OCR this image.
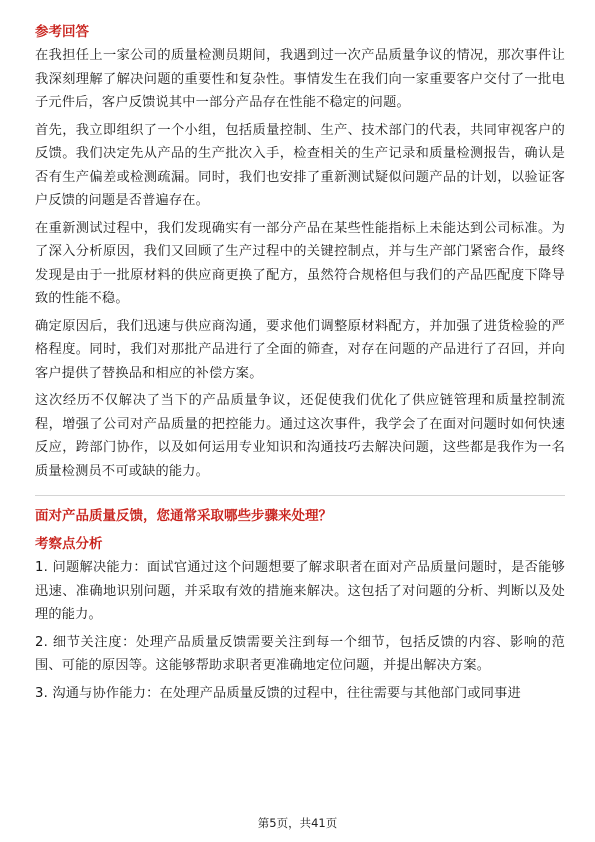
参考回答

在我担任上一家公司的质量检测员期间，我遇到过一次产品质量争议的情况，那次事件让我深刻理解了解决问题的重要性和复杂性。事情发生在我们向一家重要客户交付了一批电子元件后，客户反馈说其中一部分产品存在性能不稳定的问题。

首先，我立即组织了一个小组，包括质量控制、生产、技术部门的代表，共同审视客户的反馈。我们决定先从产品的生产批次入手，检查相关的生产记录和质量检测报告，确认是否有生产偏差或检测疏漏。同时，我们也安排了重新测试疑似问题产品的计划，以验证客户反馈的问题是否普遍存在。

在重新测试过程中，我们发现确实有一部分产品在某些性能指标上未能达到公司标准。为了深入分析原因，我们又回顾了生产过程中的关键控制点，并与生产部门紧密合作，最终发现是由于一批原材料的供应商更换了配方，虽然符合规格但与我们的产品匹配度下降导致的性能不稳。

确定原因后，我们迅速与供应商沟通，要求他们调整原材料配方，并加强了进货检验的严格程度。同时，我们对那批产品进行了全面的筛查，对存在问题的产品进行了召回，并向客户提供了替换品和相应的补偿方案。

这次经历不仅解决了当下的产品质量争议，还促使我们优化了供应链管理和质量控制流程，增强了公司对产品质量的把控能力。通过这次事件，我学会了在面对问题时如何快速反应，跨部门协作，以及如何运用专业知识和沟通技巧去解决问题，这些都是我作为一名质量检测员不可或缺的能力。

面对产品质量反馈，您通常采取哪些步骤来处理？
考察点分析

1. 问题解决能力：面试官通过这个问题想要了解求职者在面对产品质量问题时，是否能够迅速、准确地识别问题，并采取有效的措施来解决。这包括了对问题的分析、判断以及处理的能力。

2. 细节关注度：处理产品质量反馈需要关注到每一个细节，包括反馈的内容、影响的范围、可能的原因等。这能够帮助求职者更准确地定位问题，并提出解决方案。

3. 沟通与协作能力：在处理产品质量反馈的过程中，往往需要与其他部门或同事进

第5页，共41页
